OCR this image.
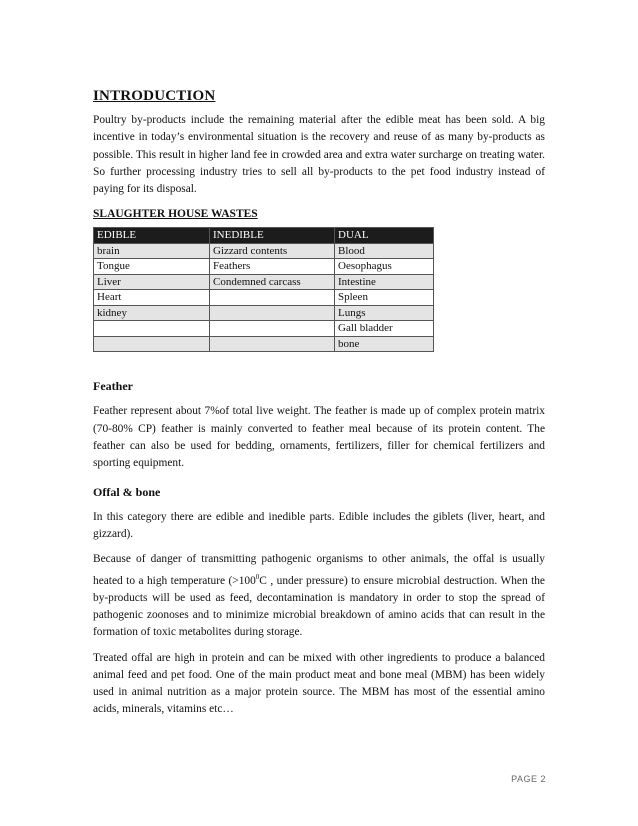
INTRODUCTION

Poultry by-products include the remaining material after the edible meat has been sold. A big incentive in today’s environmental situation is the recovery and reuse of as many by-products as possible. This result in higher land fee in crowded area and extra water surcharge on treating water. So further processing industry tries to sell all by-products to the pet food industry instead of paying for its disposal.

SLAUGHTER HOUSE WASTES
EDIBLE	INEDIBLE	DUAL
brain	Gizzard contents	Blood
Tongue	Feathers	Oesophagus
Liver	Condemned carcass	Intestine
Heart		Spleen
kidney		Lungs
		Gall bladder
		bone
Feather

Feather represent about 7%of total live weight. The feather is made up of complex protein matrix (70-80% CP) feather is mainly converted to feather meal because of its protein content. The feather can also be used for bedding, ornaments, fertilizers, filler for chemical fertilizers and sporting equipment.

Offal & bone

In this category there are edible and inedible parts. Edible includes the giblets (liver, heart, and gizzard).

Because of danger of transmitting pathogenic organisms to other animals, the offal is usually heated to a high temperature ($>100^0C$ , under pressure) to ensure microbial destruction. When the by-products will be used as feed, decontamination is mandatory in order to stop the spread of pathogenic zoonoses and to minimize microbial breakdown of amino acids that can result in the formation of toxic metabolites during storage.

Treated offal are high in protein and can be mixed with other ingredients to produce a balanced animal feed and pet food. One of the main product meat and bone meal (MBM) has been widely used in animal nutrition as a major protein source. The MBM has most of the essential amino acids, minerals, vitamins etc…

PAGE 2
